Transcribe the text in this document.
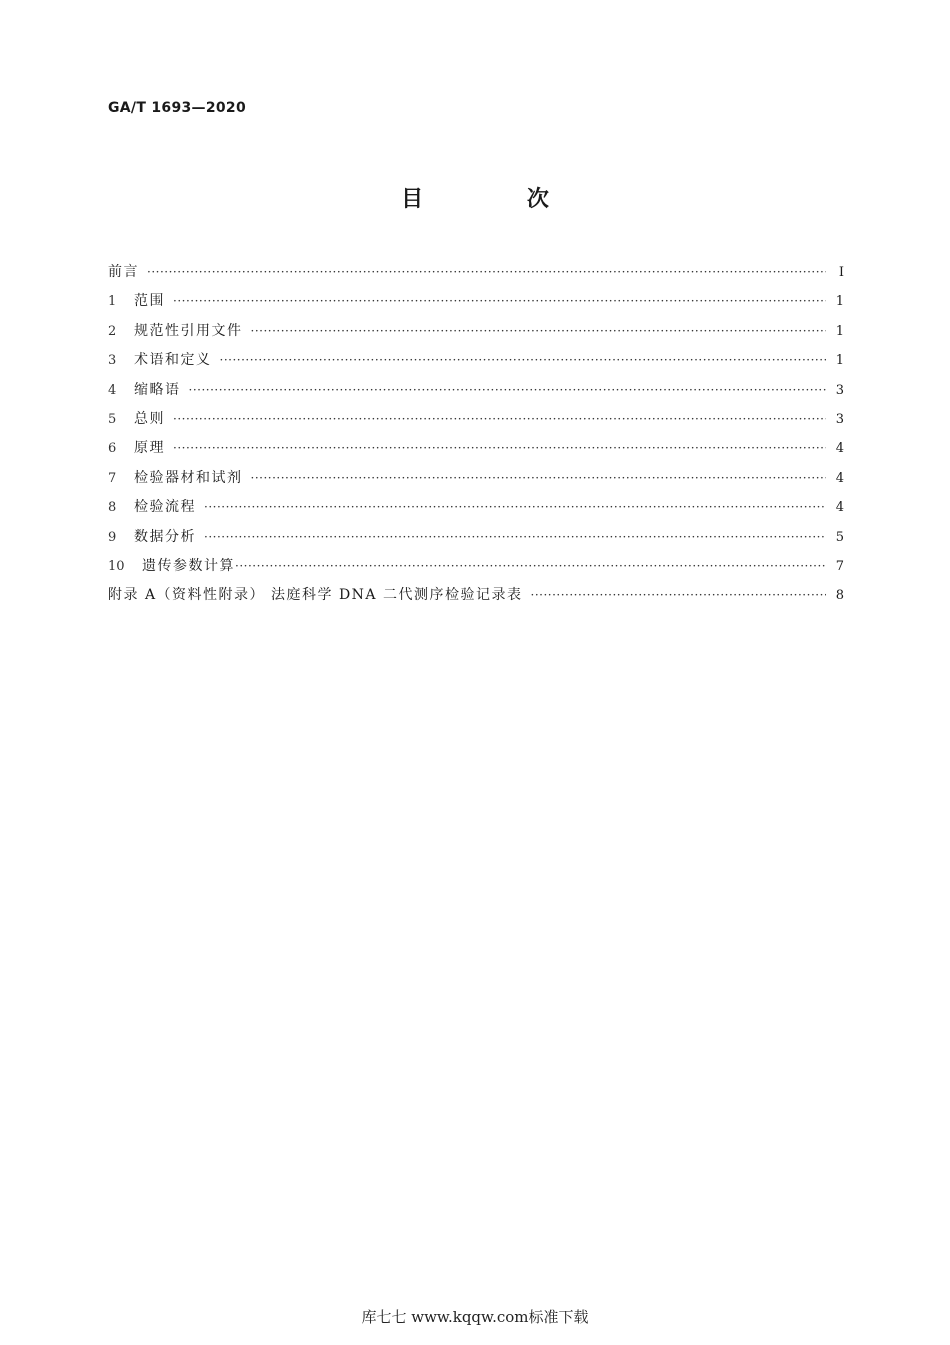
GA/T 1693—2020
目 次
前言 ·····	I
1	范围 ·····	1
2	规范性引用文件 ·····	1
3	术语和定义 ·····	1
4	缩略语 ·····	3
5	总则 ·····	3
6	原理 ·····	4
7	检验器材和试剂 ·····	4
8	检验流程 ·····	4
9	数据分析 ·····	5
10	遗传参数计算 ·····	7
附录 A（资料性附录） 法庭科学 DNA 二代测序检验记录表 ·····	8
库七七 www.kqqw.com标准下载
